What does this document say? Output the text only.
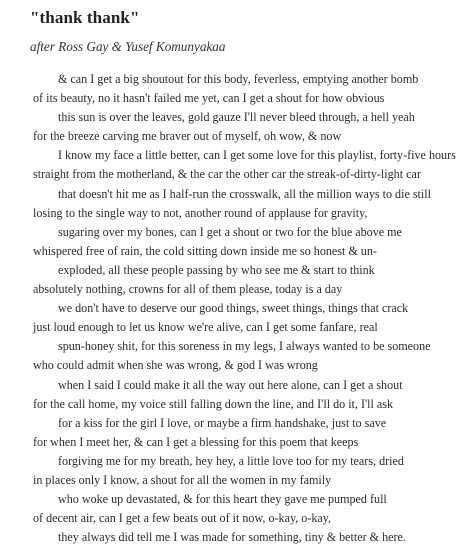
"thank thank"
after Ross Gay & Yusef Komunyakaa
& can I get a big shoutout for this body, feverless, emptying another bomb
of its beauty, no it hasn't failed me yet, can I get a shout for how obvious
this sun is over the leaves, gold gauze I'll never bleed through, a hell yeah
for the breeze carving me braver out of myself, oh wow, & now
I know my face a little better, can I get some love for this playlist, forty-five hours
straight from the motherland, & the car the other car the streak-of-dirty-light car
that doesn't hit me as I half-run the crosswalk, all the million ways to die still
losing to the single way to not, another round of applause for gravity,
sugaring over my bones, can I get a shout or two for the blue above me
whispered free of rain, the cold sitting down inside me so honest & un-
exploded, all these people passing by who see me & start to think
absolutely nothing, crowns for all of them please, today is a day
we don't have to deserve our good things, sweet things, things that crack
just loud enough to let us know we're alive, can I get some fanfare, real
spun-honey shit, for this soreness in my legs, I always wanted to be someone
who could admit when she was wrong, & god I was wrong
when I said I could make it all the way out here alone, can I get a shout
for the call home, my voice still falling down the line, and I'll do it, I'll ask
for a kiss for the girl I love, or maybe a firm handshake, just to save
for when I meet her, & can I get a blessing for this poem that keeps
forgiving me for my breath, hey hey, a little love too for my tears, dried
in places only I know, a shout for all the women in my family
who woke up devastated, & for this heart they gave me pumped full
of decent air, can I get a few beats out of it now, o-kay, o-kay,
they always did tell me I was made for something, tiny & better & here.
